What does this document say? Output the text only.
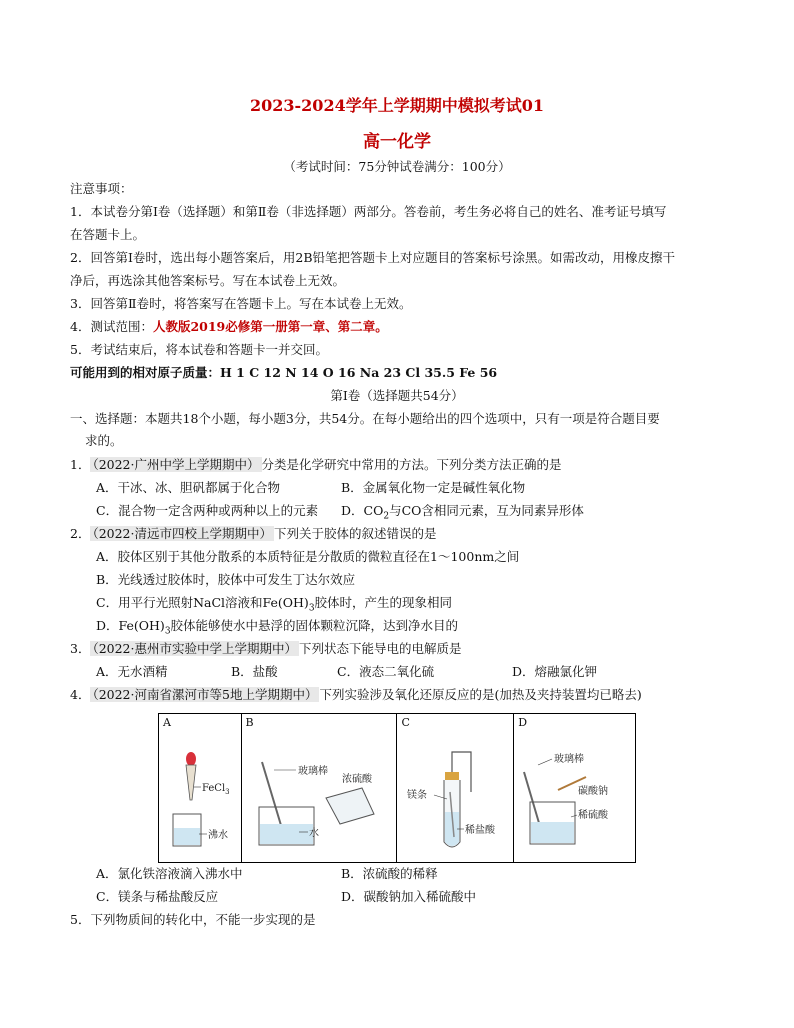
2023-2024学年上学期期中模拟考试01
高一化学
（考试时间：75分钟试卷满分：100分）
注意事项：
1．本试卷分第Ⅰ卷（选择题）和第Ⅱ卷（非选择题）两部分。答卷前，考生务必将自己的姓名、准考证号填写
在答题卡上。
2．回答第Ⅰ卷时，选出每小题答案后，用2B铅笔把答题卡上对应题目的答案标号涂黑。如需改动，用橡皮擦干
净后，再选涂其他答案标号。写在本试卷上无效。
3．回答第Ⅱ卷时，将答案写在答题卡上。写在本试卷上无效。
4．测试范围：人教版2019必修第一册第一章、第二章。
5．考试结束后，将本试卷和答题卡一并交回。
可能用到的相对原子质量：H 1 C 12 N 14 O 16 Na 23 Cl 35.5 Fe 56
第Ⅰ卷（选择题共54分）
一、选择题：本题共18个小题，每小题3分，共54分。在每小题给出的四个选项中，只有一项是符合题目要
求的。
1． （2022·广州中学上学期期中） 分类是化学研究中常用的方法。下列分类方法正确的是
A．干冰、冰、胆矾都属于化合物	B．金属氧化物一定是碱性氧化物
C．混合物一定含两种或两种以上的元素 D．$CO_2$与CO含相同元素，互为同素异形体
2． （2022·清远市四校上学期期中） 下列关于胶体的叙述错误的是
A．胶体区别于其他分散系的本质特征是分散质的微粒直径在1～100nm之间
B．光线透过胶体时，胶体中可发生丁达尔效应
C．用平行光照射NaCl溶液和$Fe(OH)_3$胶体时，产生的现象相同
D．$Fe(OH)_3$胶体能够使水中悬浮的固体颗粒沉降，达到净水目的
3． （2022·惠州市实验中学上学期期中） 下列状态下能导电的电解质是
A．无水酒精	B．盐酸	C．液态二氧化硫	D．熔融氯化钾
4． （2022·河南省漯河市等5地上学期期中） 下列实验涉及氧化还原反应的是(加热及夹持装置均已略去)
A
FeCl$_3$
沸水
	B
玻璃棒
浓硫酸
水
	C
镁条
稀盐酸
	D
玻璃棒
碳酸钠
稀硫酸
A．氯化铁溶液滴入沸水中	B．浓硫酸的稀释
C．镁条与稀盐酸反应	D．碳酸钠加入稀硫酸中
5．下列物质间的转化中，不能一步实现的是
